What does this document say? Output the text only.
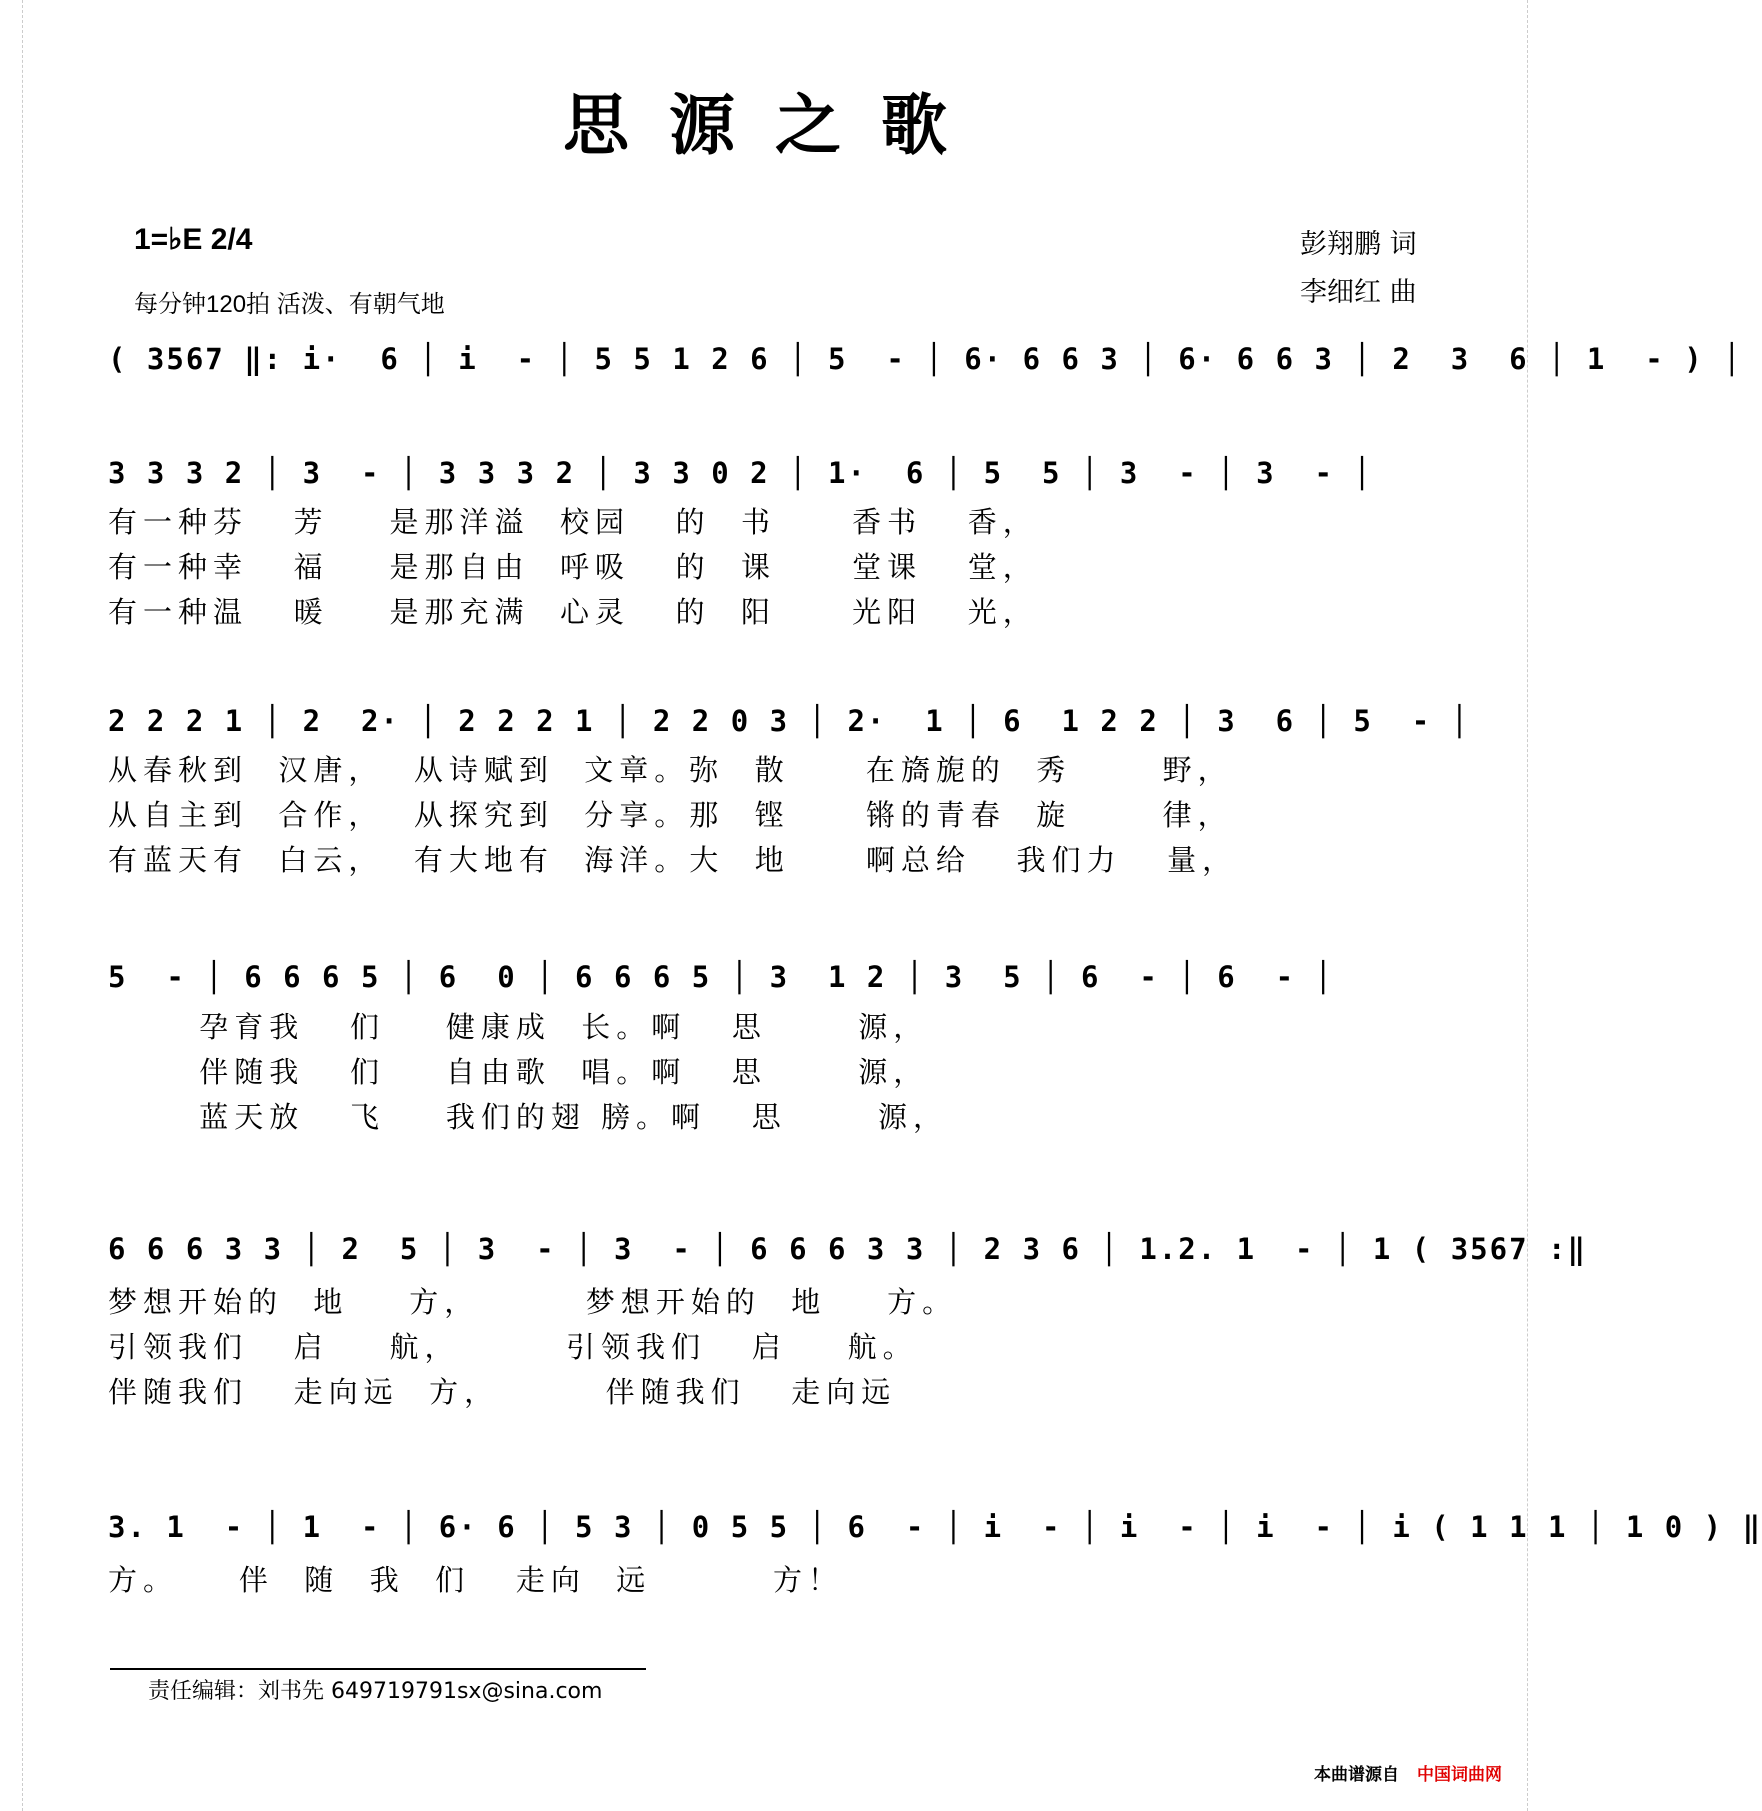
思源之歌
1=♭E 2/4
每分钟120拍 活泼、有朝气地
彭翔鹏 词
李细红 曲
( 3567 ‖: i·  6 │ i  - │ 5 5 1 2 6 │ 5  - │ 6· 6 6 3 │ 6· 6 6 3 │ 2  3  6 │ 1  - ) │
3 3 3 2 │ 3  - │ 3 3 3 2 │ 3 3 0 2 │ 1·  6 │ 5  5 │ 3  - │ 3  - │
有一种芬   芳    是那洋溢  校园   的  书     香书   香，
有一种幸   福    是那自由  呼吸   的  课     堂课   堂，
有一种温   暖    是那充满  心灵   的  阳     光阳   光，
2 2 2 1 │ 2  2· │ 2 2 2 1 │ 2 2 0 3 │ 2·  1 │ 6  1 2 2 │ 3  6 │ 5  - │
从春秋到  汉唐，  从诗赋到  文章。弥  散     在旖旎的  秀      野，
从自主到  合作，  从探究到  分享。那  铿     锵的青春  旋      律，
有蓝天有  白云，  有大地有  海洋。大  地     啊总给   我们力   量，
5  - │ 6 6 6 5 │ 6  0 │ 6 6 6 5 │ 3  1 2 │ 3  5 │ 6  - │ 6  - │
孕育我   们    健康成  长。啊   思      源，
伴随我   们    自由歌  唱。啊   思      源，
蓝天放   飞    我们的翅 膀。啊   思      源，
6 6 6 3 3 │ 2  5 │ 3  - │ 3  - │ 6 6 6 3 3 │ 2 3 6 │ 1.2. 1  - │ 1 ( 3567 :‖
梦想开始的  地    方，       梦想开始的  地    方。
引领我们   启    航，       引领我们   启    航。
伴随我们   走向远  方，       伴随我们   走向远
3. 1  - │ 1  - │ 6· 6 │ 5 3 │ 0 5 5 │ 6  - │ i  - │ i  - │ i  - │ i ( 1 1 1 │ 1 0 ) ‖
方。    伴  随  我  们   走向  远        方！
责任编辑：刘书先 649719791sx@sina.com
本曲谱源自 中国词曲网
